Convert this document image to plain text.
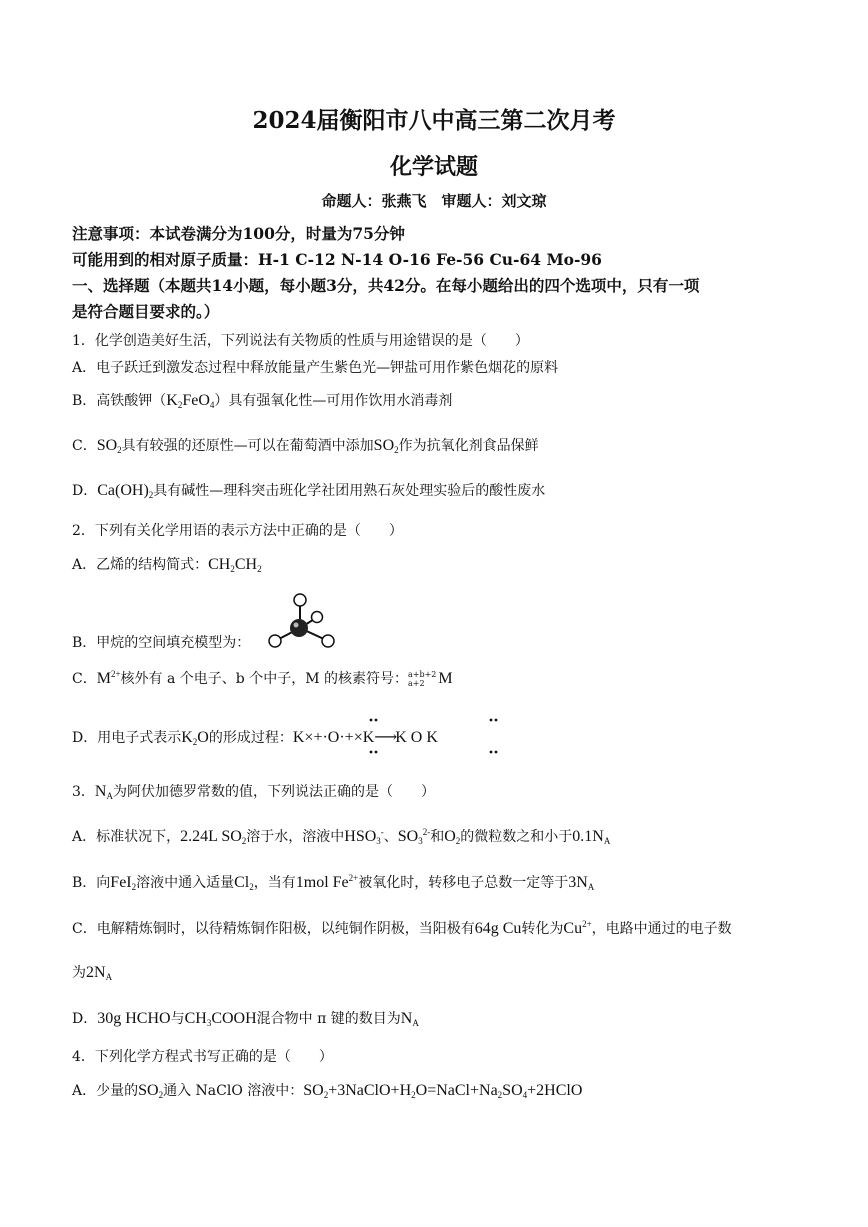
2024届衡阳市八中高三第二次月考
化学试题
命题人：张燕飞　审题人：刘文琼
注意事项：本试卷满分为100分，时量为75分钟
可能用到的相对原子质量：H-1 C-12 N-14 O-16 Fe-56 Cu-64 Mo-96
一、选择题（本题共14小题，每小题3分，共42分。在每小题给出的四个选项中，只有一项
是符合题目要求的。）
1．化学创造美好生活，下列说法有关物质的性质与用途错误的是（　　）
A．电子跃迁到激发态过程中释放能量产生紫色光—钾盐可用作紫色烟花的原料
B．高铁酸钾$(K_2FeO_4)$具有强氧化性—可用作饮用水消毒剂
C．$SO_2$具有较强的还原性—可以在葡萄酒中添加$SO_2$作为抗氧化剂食品保鲜
D．$Ca(OH)_2$具有碱性—理科突击班化学社团用熟石灰处理实验后的酸性废水
2．下列有关化学用语的表示方法中正确的是（　　）
A．乙烯的结构简式：$CH_2CH_2$
B．甲烷的空间填充模型为：
C．$M^{2+}$核外有 a 个电子、b 个中子，M 的核素符号：a+b+2
a+2 M
D．用电子式表示$K_2O$的形成过程：K×+·O·+×K⟶K O K
3．$N_A$为阿伏加德罗常数的值，下列说法正确的是（　　）
A．标准状况下，2.24L $SO_2$溶于水，溶液中$HSO_3^-$、$SO_3^{2-}$和$O_2$的微粒数之和小于$0.1N_A$
B．向FeI$_2$溶液中通入适量$Cl_2$，当有1mol $Fe^{2+}$被氧化时，转移电子总数一定等于$3N_A$
C．电解精炼铜时，以待精炼铜作阳极，以纯铜作阴极，当阳极有64g Cu转化为$Cu^{2+}$，电路中通过的电子数
为$2N_A$
D．30g HCHO与$CH_3COOH$混合物中 π 键的数目为$N_A$
4．下列化学方程式书写正确的是（　　）
A．少量的$SO_2$通入 NaClO 溶液中：$SO_2+3NaClO+H_2O=NaCl+Na_2SO_4+2HClO$
